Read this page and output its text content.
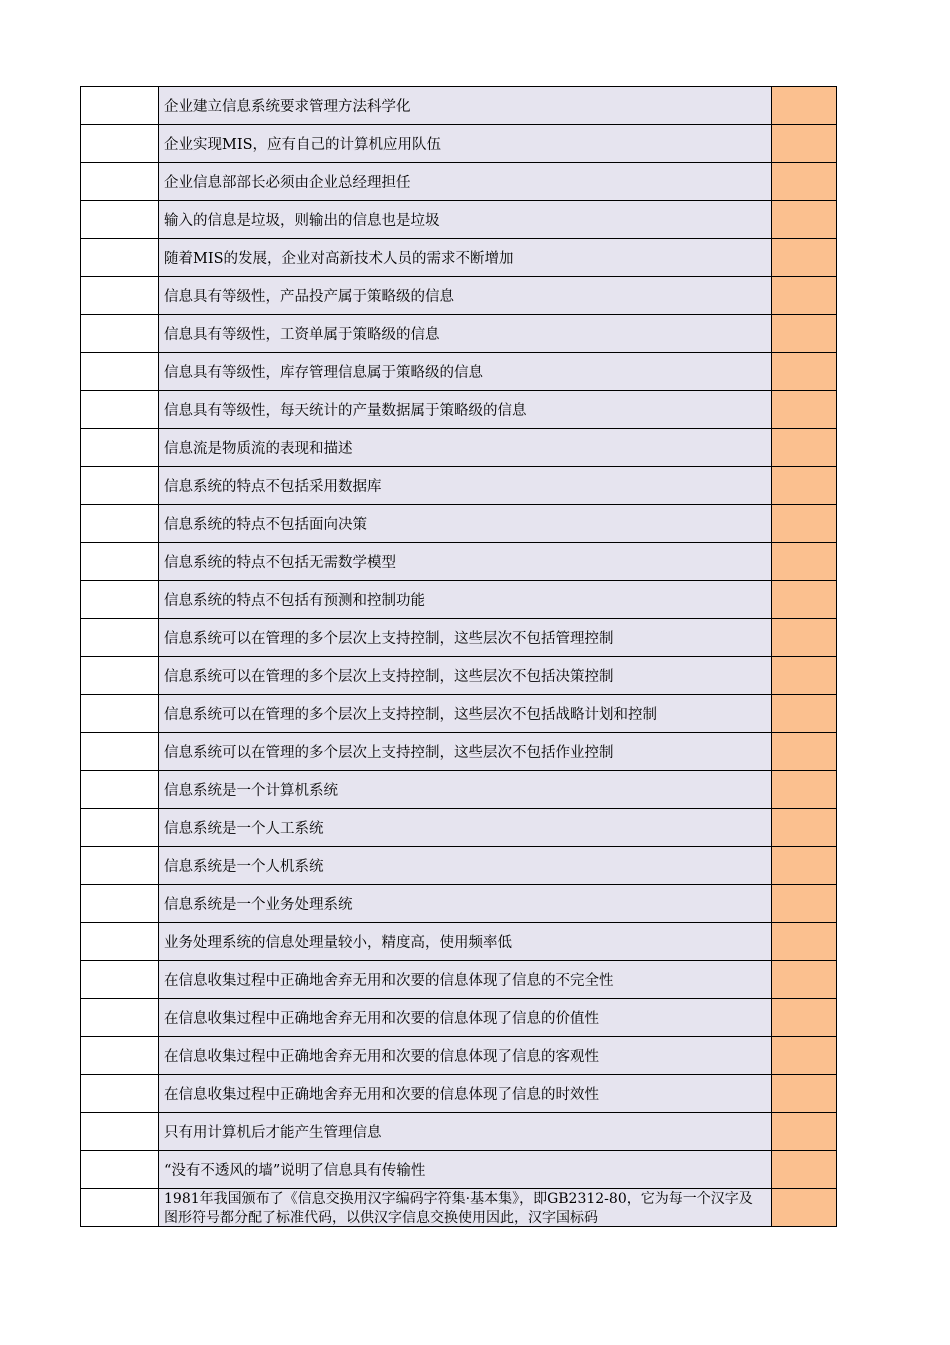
企业建立信息系统要求管理方法科学化
企业实现MIS，应有自己的计算机应用队伍
企业信息部部长必须由企业总经理担任
输入的信息是垃圾，则输出的信息也是垃圾
随着MIS的发展，企业对高新技术人员的需求不断增加
信息具有等级性，产品投产属于策略级的信息
信息具有等级性，工资单属于策略级的信息
信息具有等级性，库存管理信息属于策略级的信息
信息具有等级性，每天统计的产量数据属于策略级的信息
信息流是物质流的表现和描述
信息系统的特点不包括采用数据库
信息系统的特点不包括面向决策
信息系统的特点不包括无需数学模型
信息系统的特点不包括有预测和控制功能
信息系统可以在管理的多个层次上支持控制，这些层次不包括管理控制
信息系统可以在管理的多个层次上支持控制，这些层次不包括决策控制
信息系统可以在管理的多个层次上支持控制，这些层次不包括战略计划和控制
信息系统可以在管理的多个层次上支持控制，这些层次不包括作业控制
信息系统是一个计算机系统
信息系统是一个人工系统
信息系统是一个人机系统
信息系统是一个业务处理系统
业务处理系统的信息处理量较小，精度高，使用频率低
在信息收集过程中正确地舍弃无用和次要的信息体现了信息的不完全性
在信息收集过程中正确地舍弃无用和次要的信息体现了信息的价值性
在信息收集过程中正确地舍弃无用和次要的信息体现了信息的客观性
在信息收集过程中正确地舍弃无用和次要的信息体现了信息的时效性
只有用计算机后才能产生管理信息
“没有不透风的墙”说明了信息具有传输性
1981年我国颁布了《信息交换用汉字编码字符集·基本集》，即GB2312-80，它为每一个汉字及图形符号都分配了标准代码，以供汉字信息交换使用因此，汉字国标码
